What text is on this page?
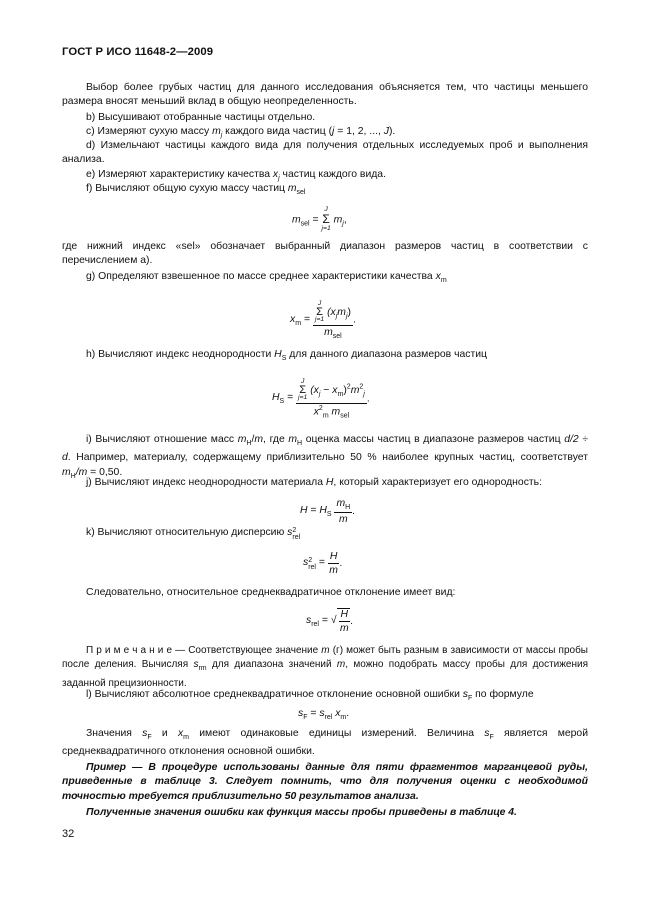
ГОСТ Р ИСО 11648-2—2009

Выбор более грубых частиц для данного исследования объясняется тем, что частицы меньшего размера вносят меньший вклад в общую неопределенность.

b) Высушивают отобранные частицы отдельно.
c) Измеряют сухую массу $m_j$ каждого вида частиц (j = 1, 2, ..., J).

d) Измельчают частицы каждого вида для получения отдельных исследуемых проб и выполнения анализа.

e) Измеряют характеристику качества $x_j$ частиц каждого вида.
f) Вычисляют общую сухую массу частиц $m_{sel}$
$m_{sel}$ =
J
Σ
j=1
$m_j$,

где нижний индекс «sel» обозначает выбранный диапазон размеров частиц в соответствии с перечислением а).

g) Определяют взвешенное по массе среднее характеристики качества $x_m$
$x_m = J$
Σ
j=1
$(x_jm_j)$
$m_{sel}$ .
h) Вычисляют индекс неоднородности $H_S$ для данного диапазона размеров частиц
$H_S = J$
Σ
j=1
$(x_j - x_m)^2m^2_j$
$x^2_m$ $m_{sel}$ .

i) Вычисляют отношение масс $m_H/m$, где $m_H$ оценка массы частиц в диапазоне размеров частиц d/2 ÷ d. Например, материалу, содержащему приблизительно 50 % наиболее крупных частиц, соответствует $m_H/m = 0,50$.

j) Вычисляют индекс неоднородности материала H, который характеризует его однородность:
$H = H_S \frac{m_H}{m}$ .
k) Вычисляют относительную дисперсию s 2
rel
s 2
rel = $\frac{H}{m}$ .
Следовательно, относительное среднеквадратичное отклонение имеет вид:
$s_{rel}$ = √ $\frac{H}{m}$ .

П р и м е ч а н и е — Соответствующее значение m (г) может быть разным в зависимости от массы пробы после деления. Вычисляя $s_{rm}$ для диапазона значений m, можно подобрать массу пробы для достижения заданной прецизионности.

l) Вычисляют абсолютное среднеквадратичное отклонение основной ошибки $s_F$ по формуле
$s_F = s_{rel}$ $x_m$.

Значения $s_F$ и $x_m$ имеют одинаковые единицы измерений. Величина $s_F$ является мерой среднеквадратичного отклонения основной ошибки.

Пример — В процедуре использованы данные для пяти фрагментов марганцевой руды, приведенные в таблице 3. Следует помнить, что для получения оценки с необходимой точностью требуется приблизительно 50 результатов анализа.

Полученные значения ошибки как функция массы пробы приведены в таблице 4.

32
